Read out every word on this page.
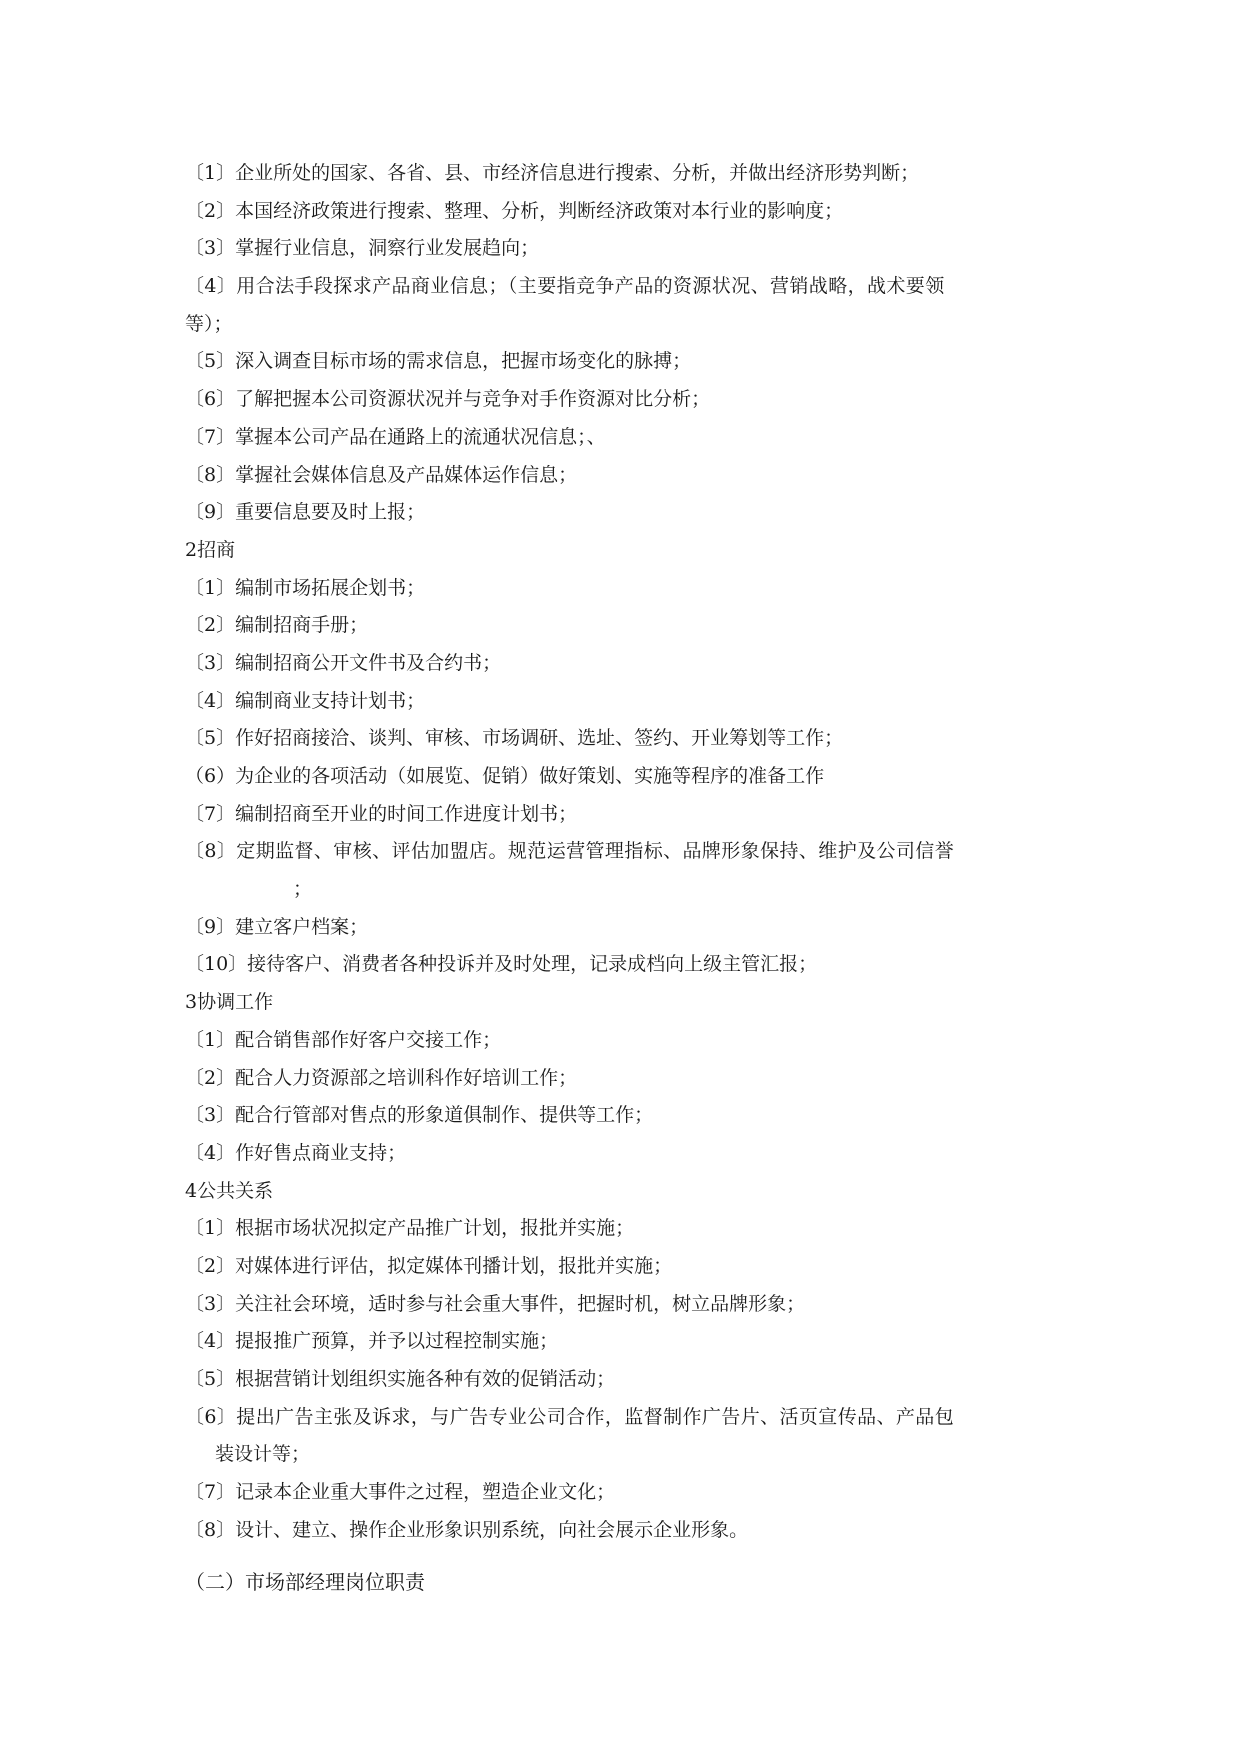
〔1〕企业所处的国家、各省、县、市经济信息进行搜索、分析，并做出经济形势判断；
〔2〕本国经济政策进行搜索、整理、分析，判断经济政策对本行业的影响度；
〔3〕掌握行业信息，洞察行业发展趋向；
〔4〕用合法手段探求产品商业信息；（主要指竞争产品的资源状况、营销战略，战术要领
等）；
〔5〕深入调查目标市场的需求信息，把握市场变化的脉搏；
〔6〕了解把握本公司资源状况并与竞争对手作资源对比分析；
〔7〕掌握本公司产品在通路上的流通状况信息；、
〔8〕掌握社会媒体信息及产品媒体运作信息；
〔9〕重要信息要及时上报；
2招商
〔1〕编制市场拓展企划书；
〔2〕编制招商手册；
〔3〕编制招商公开文件书及合约书；
〔4〕编制商业支持计划书；
〔5〕作好招商接洽、谈判、审核、市场调研、选址、签约、开业筹划等工作；
（6）为企业的各项活动（如展览、促销）做好策划、实施等程序的准备工作
〔7〕编制招商至开业的时间工作进度计划书；
〔8〕定期监督、审核、评估加盟店。规范运营管理指标、品牌形象保持、维护及公司信誉
；
〔9〕建立客户档案；
〔10〕接待客户、消费者各种投诉并及时处理，记录成档向上级主管汇报；
3协调工作
〔1〕配合销售部作好客户交接工作；
〔2〕配合人力资源部之培训科作好培训工作；
〔3〕配合行管部对售点的形象道俱制作、提供等工作；
〔4〕作好售点商业支持；
4公共关系
〔1〕根据市场状况拟定产品推广计划，报批并实施；
〔2〕对媒体进行评估，拟定媒体刊播计划，报批并实施；
〔3〕关注社会环境，适时参与社会重大事件，把握时机，树立品牌形象；
〔4〕提报推广预算，并予以过程控制实施；
〔5〕根据营销计划组织实施各种有效的促销活动；
〔6〕提出广告主张及诉求，与广告专业公司合作，监督制作广告片、活页宣传品、产品包
装设计等；
〔7〕记录本企业重大事件之过程，塑造企业文化；
〔8〕设计、建立、操作企业形象识别系统，向社会展示企业形象。
（二）市场部经理岗位职责
